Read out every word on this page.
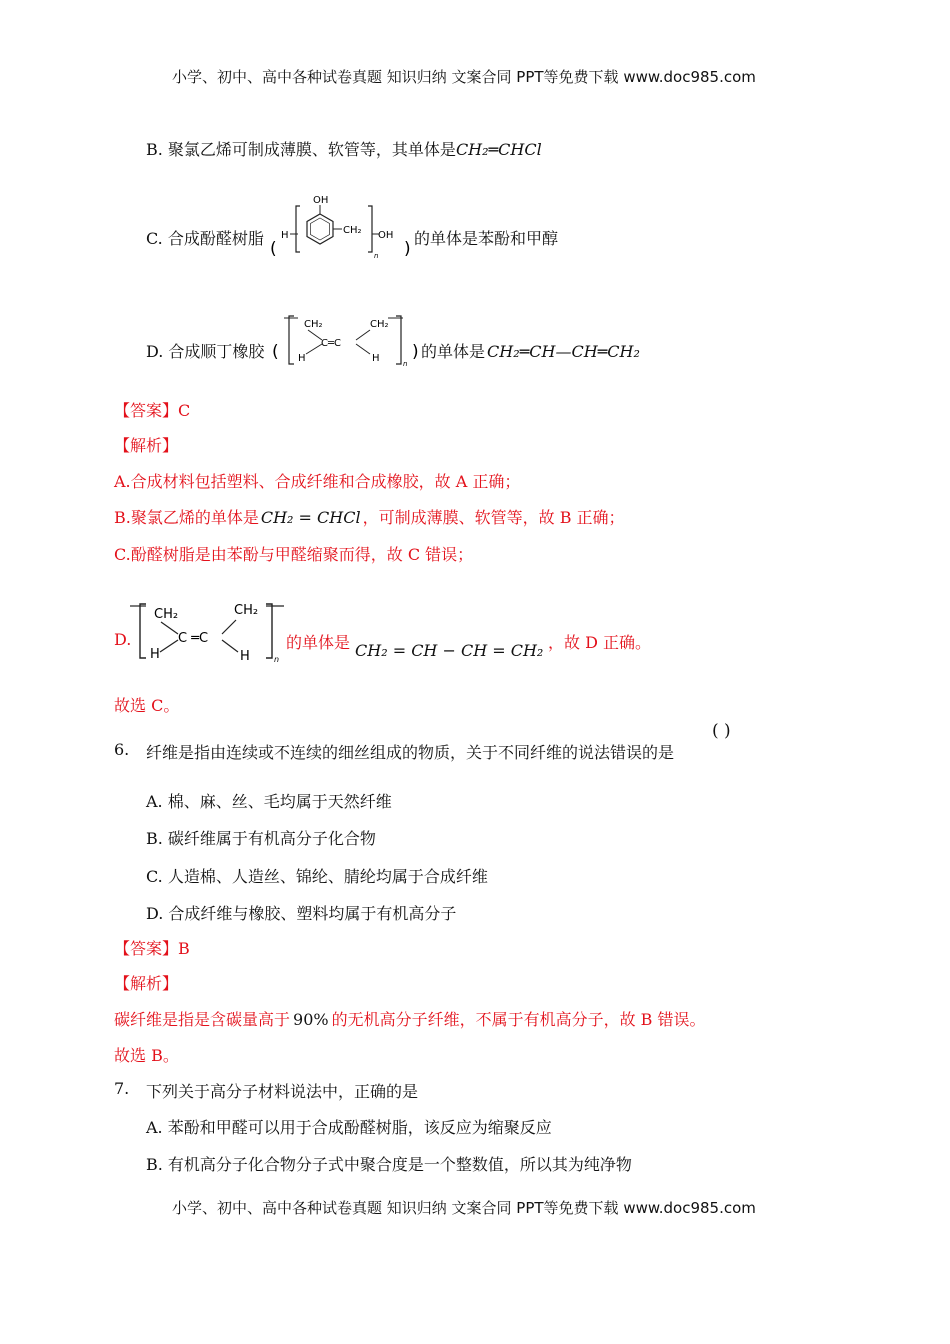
小学、初中、高中各种试卷真题 知识归纳 文案合同 PPT等免费下载 www.doc985.com
B. 聚氯乙烯可制成薄膜、软管等，其单体是CH₂═CHCl
C. 合成酚醛树脂
(
H
OH
CH₂ OH
n )
的单体是苯酚和甲醇
D. 合成顺丁橡胶 (
CH₂
H
C═C
CH₂
H	n
) 的单体是 CH₂═CH—CH═CH₂
【答案】C
【解析】
A.合成材料包括塑料、合成纤维和合成橡胶，故 A 正确；
B.聚氯乙烯的单体是 CH₂ = CHCl ，可制成薄膜、软管等，故 B 正确；
C.酚醛树脂是由苯酚与甲醛缩聚而得，故 C 错误；
D.
CH₂
H
C ═C
CH₂
H	n
的单体是 CH₂ = CH − CH = CH₂ ，故 D 正确。
故选 C。
6. 纤维是指由连续或不连续的细丝组成的物质，关于不同纤维的说法错误的是
( )
A. 棉、麻、丝、毛均属于天然纤维
B. 碳纤维属于有机高分子化合物
C. 人造棉、人造丝、锦纶、腈纶均属于合成纤维
D. 合成纤维与橡胶、塑料均属于有机高分子
【答案】B
【解析】
碳纤维是指是含碳量高于 90% 的无机高分子纤维，不属于有机高分子，故 B 错误。
故选 B。
7. 下列关于高分子材料说法中，正确的是
A. 苯酚和甲醛可以用于合成酚醛树脂，该反应为缩聚反应
B. 有机高分子化合物分子式中聚合度是一个整数值，所以其为纯净物
小学、初中、高中各种试卷真题 知识归纳 文案合同 PPT等免费下载 www.doc985.com
